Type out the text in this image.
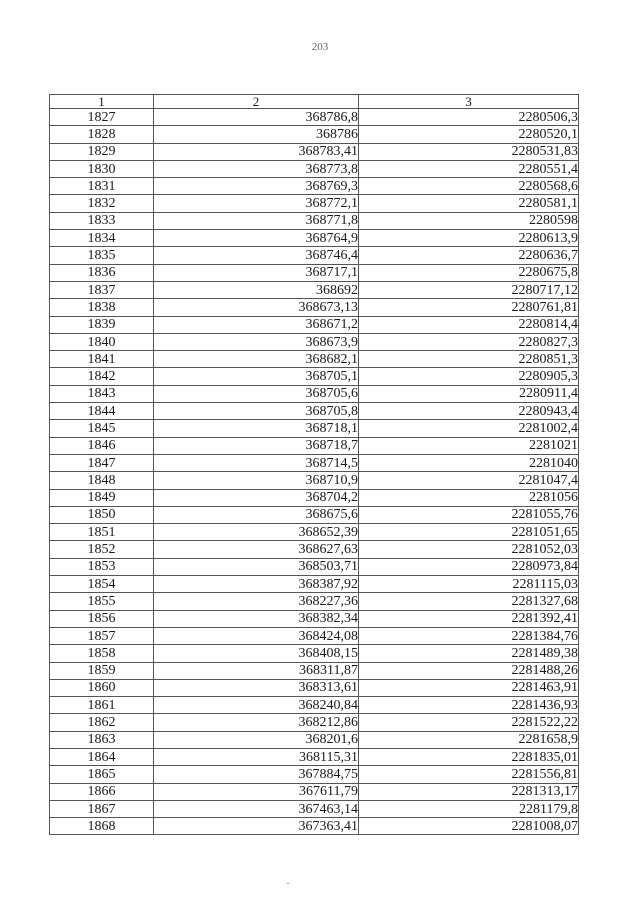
203
1	2	3
1827	368786,8	2280506,3
1828	368786	2280520,1
1829	368783,41	2280531,83
1830	368773,8	2280551,4
1831	368769,3	2280568,6
1832	368772,1	2280581,1
1833	368771,8	2280598
1834	368764,9	2280613,9
1835	368746,4	2280636,7
1836	368717,1	2280675,8
1837	368692	2280717,12
1838	368673,13	2280761,81
1839	368671,2	2280814,4
1840	368673,9	2280827,3
1841	368682,1	2280851,3
1842	368705,1	2280905,3
1843	368705,6	2280911,4
1844	368705,8	2280943,4
1845	368718,1	2281002,4
1846	368718,7	2281021
1847	368714,5	2281040
1848	368710,9	2281047,4
1849	368704,2	2281056
1850	368675,6	2281055,76
1851	368652,39	2281051,65
1852	368627,63	2281052,03
1853	368503,71	2280973,84
1854	368387,92	2281115,03
1855	368227,36	2281327,68
1856	368382,34	2281392,41
1857	368424,08	2281384,76
1858	368408,15	2281489,38
1859	368311,87	2281488,26
1860	368313,61	2281463,91
1861	368240,84	2281436,93
1862	368212,86	2281522,22
1863	368201,6	2281658,9
1864	368115,31	2281835,01
1865	367884,75	2281556,81
1866	367611,79	2281313,17
1867	367463,14	2281179,8
1868	367363,41	2281008,07
